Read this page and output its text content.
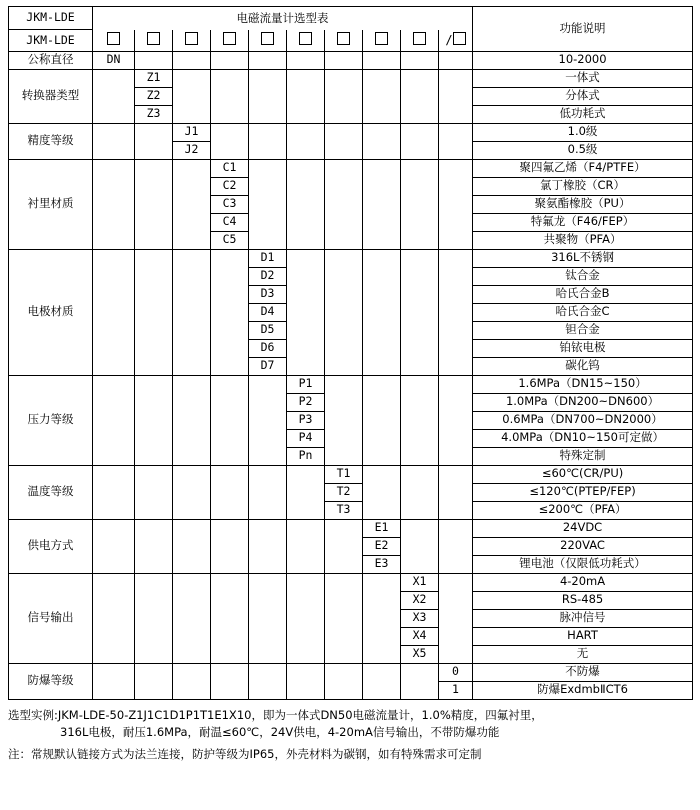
JKM-LDE	电磁流量计选型表										功能说明
JKM-LDE										/	
公称直径	DN										10-2000
转换器类型		Z1									一体式
		Z2									分体式
		Z3									低功耗式
精度等级			J1								1.0级
			J2								0.5级
衬里材质				C1							聚四氟乙烯（F4/PTFE）
				C2							氯丁橡胶（CR）
				C3							聚氨酯橡胶（PU）
				C4							特氟龙（F46/FEP）
				C5							共聚物（PFA）
电极材质					D1						316L不锈钢
					D2						钛合金
					D3						哈氏合金B
					D4						哈氏合金C
					D5						钽合金
					D6						铂铱电极
					D7						碳化钨
压力等级						P1					1.6MPa（DN15~150）
						P2					1.0MPa（DN200~DN600）
						P3					0.6MPa（DN700~DN2000）
						P4					4.0MPa（DN10~150可定做）
						Pn					特殊定制
温度等级							T1				≤60℃(CR/PU)
							T2				≤120℃(PTEP/FEP)
							T3				≤200℃（PFA）
供电方式								E1			24VDC
								E2			220VAC
								E3			锂电池（仅限低功耗式）
信号输出									X1		4-20mA
									X2		RS-485
									X3		脉冲信号
									X4		HART
									X5		无
防爆等级										0	不防爆
										1	防爆ExdmbⅡCT6
选型实例:JKM-LDE-50-Z1J1C1D1P1T1E1X10，即为一体式DN50电磁流量计，1.0%精度，四氟衬里，
316L电极，耐压1.6MPa，耐温≤60℃，24V供电，4-20mA信号输出，不带防爆功能
注：常规默认链接方式为法兰连接，防护等级为IP65，外壳材料为碳钢，如有特殊需求可定制
